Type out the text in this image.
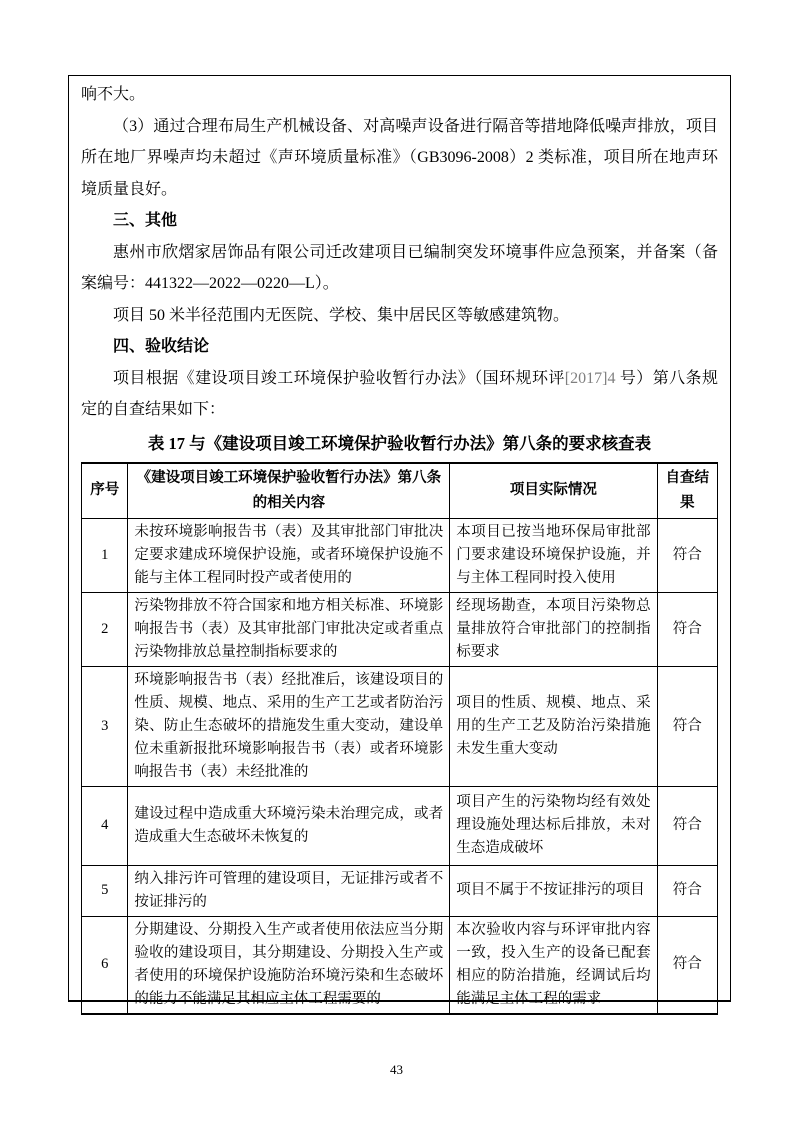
响不大。

（3）通过合理布局生产机械设备、对高噪声设备进行隔音等措地降低噪声排放，项目所在地厂界噪声均未超过《声环境质量标准》（GB3096-2008）2 类标准，项目所在地声环境质量良好。

三、其他

惠州市欣熠家居饰品有限公司迁改建项目已编制突发环境事件应急预案，并备案（备案编号：441322—2022—0220—L）。

项目 50 米半径范围内无医院、学校、集中居民区等敏感建筑物。

四、验收结论

项目根据《建设项目竣工环境保护验收暂行办法》（国环规环评[2017]4 号）第八条规定的自查结果如下：

表 17 与《建设项目竣工环境保护验收暂行办法》第八条的要求核查表

序号	《建设项目竣工环境保护验收暂行办法》第八条的相关内容	项目实际情况	自查结果
1	未按环境影响报告书（表）及其审批部门审批决定要求建成环境保护设施，或者环境保护设施不能与主体工程同时投产或者使用的	本项目已按当地环保局审批部门要求建设环境保护设施，并与主体工程同时投入使用	符合
2	污染物排放不符合国家和地方相关标准、环境影响报告书（表）及其审批部门审批决定或者重点污染物排放总量控制指标要求的	经现场勘查，本项目污染物总量排放符合审批部门的控制指标要求	符合
3	环境影响报告书（表）经批准后，该建设项目的性质、规模、地点、采用的生产工艺或者防治污染、防止生态破坏的措施发生重大变动，建设单位未重新报批环境影响报告书（表）或者环境影响报告书（表）未经批准的	项目的性质、规模、地点、采用的生产工艺及防治污染措施未发生重大变动	符合
4	建设过程中造成重大环境污染未治理完成，或者造成重大生态破坏未恢复的	项目产生的污染物均经有效处理设施处理达标后排放，未对生态造成破坏	符合
5	纳入排污许可管理的建设项目，无证排污或者不按证排污的	项目不属于不按证排污的项目	符合
6	分期建设、分期投入生产或者使用依法应当分期验收的建设项目，其分期建设、分期投入生产或者使用的环境保护设施防治环境污染和生态破坏的能力不能满足其相应主体工程需要的	本次验收内容与环评审批内容一致，投入生产的设备已配套相应的防治措施，经调试后均能满足主体工程的需求	符合
43
